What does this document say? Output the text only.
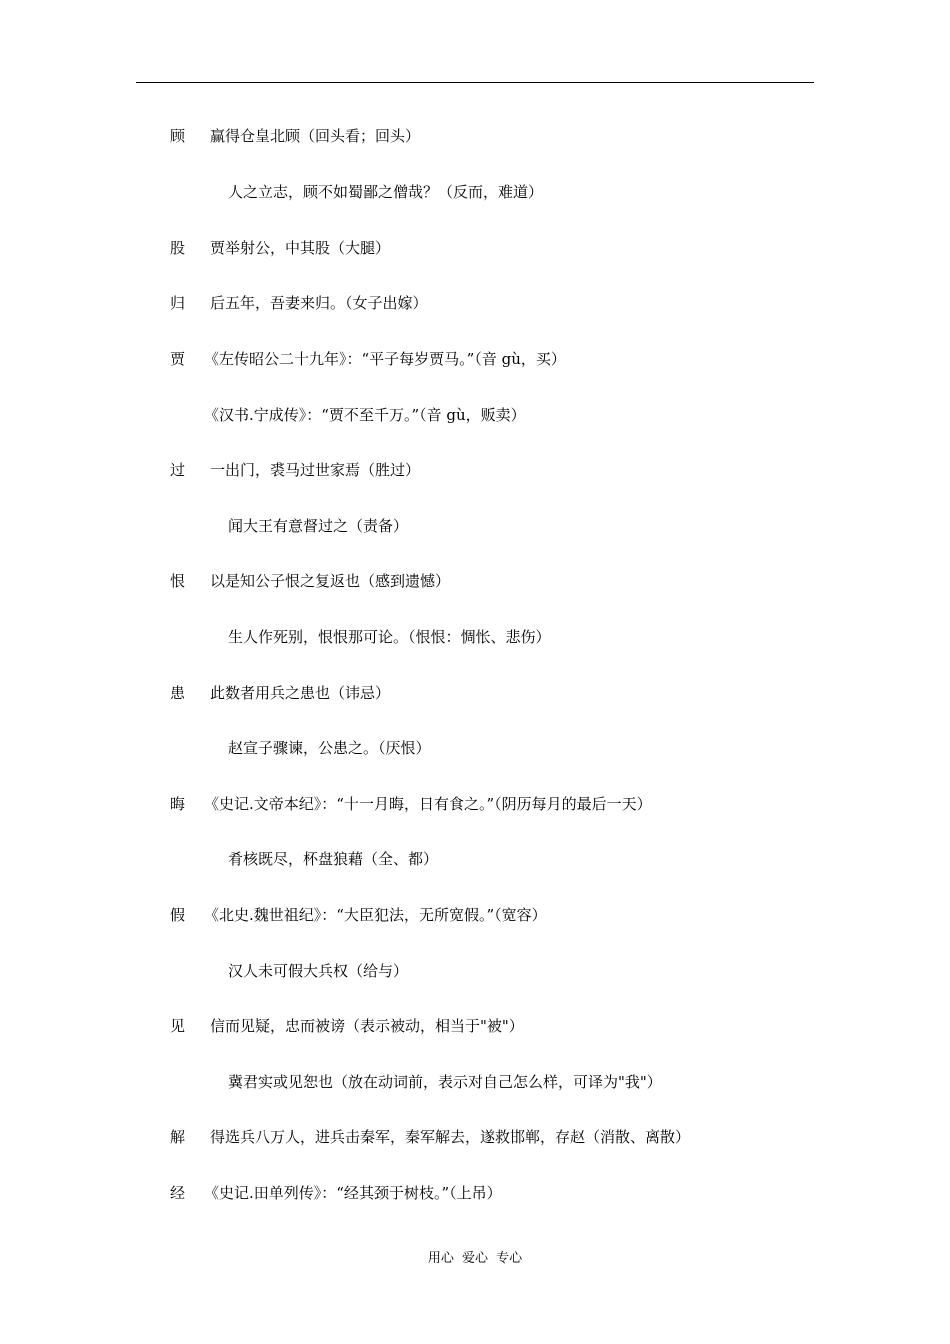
顾 赢得仓皇北顾（回头看；回头）
人之立志，顾不如蜀鄙之僧哉？（反而，难道）
股 贾举射公，中其股（大腿）
归 后五年，吾妻来归。（女子出嫁）
贾 《左传昭公二十九年》：“平子每岁贾马。”（音 gù，买）
《汉书.宁成传》：“贾不至千万。”（音 gù，贩卖）
过 一出门，裘马过世家焉（胜过）
闻大王有意督过之（责备）
恨 以是知公子恨之复返也（感到遗憾）
生人作死别，恨恨那可论。（恨恨：惆怅、悲伤）
患 此数者用兵之患也（讳忌）
赵宣子骤谏，公患之。（厌恨）
晦 《史记.文帝本纪》：“十一月晦，日有食之。”（阴历每月的最后一天）
肴核既尽，杯盘狼藉（全、都）
假 《北史.魏世祖纪》：“大臣犯法，无所宽假。”（宽容）
汉人未可假大兵权（给与）
见 信而见疑，忠而被谤（表示被动，相当于"被"）
冀君实或见恕也（放在动词前，表示对自己怎么样，可译为"我"）
解 得选兵八万人，进兵击秦军，秦军解去，遂救邯郸，存赵（消散、离散）
经 《史记.田单列传》：“经其颈于树枝。”（上吊）
用心 爱心 专心
